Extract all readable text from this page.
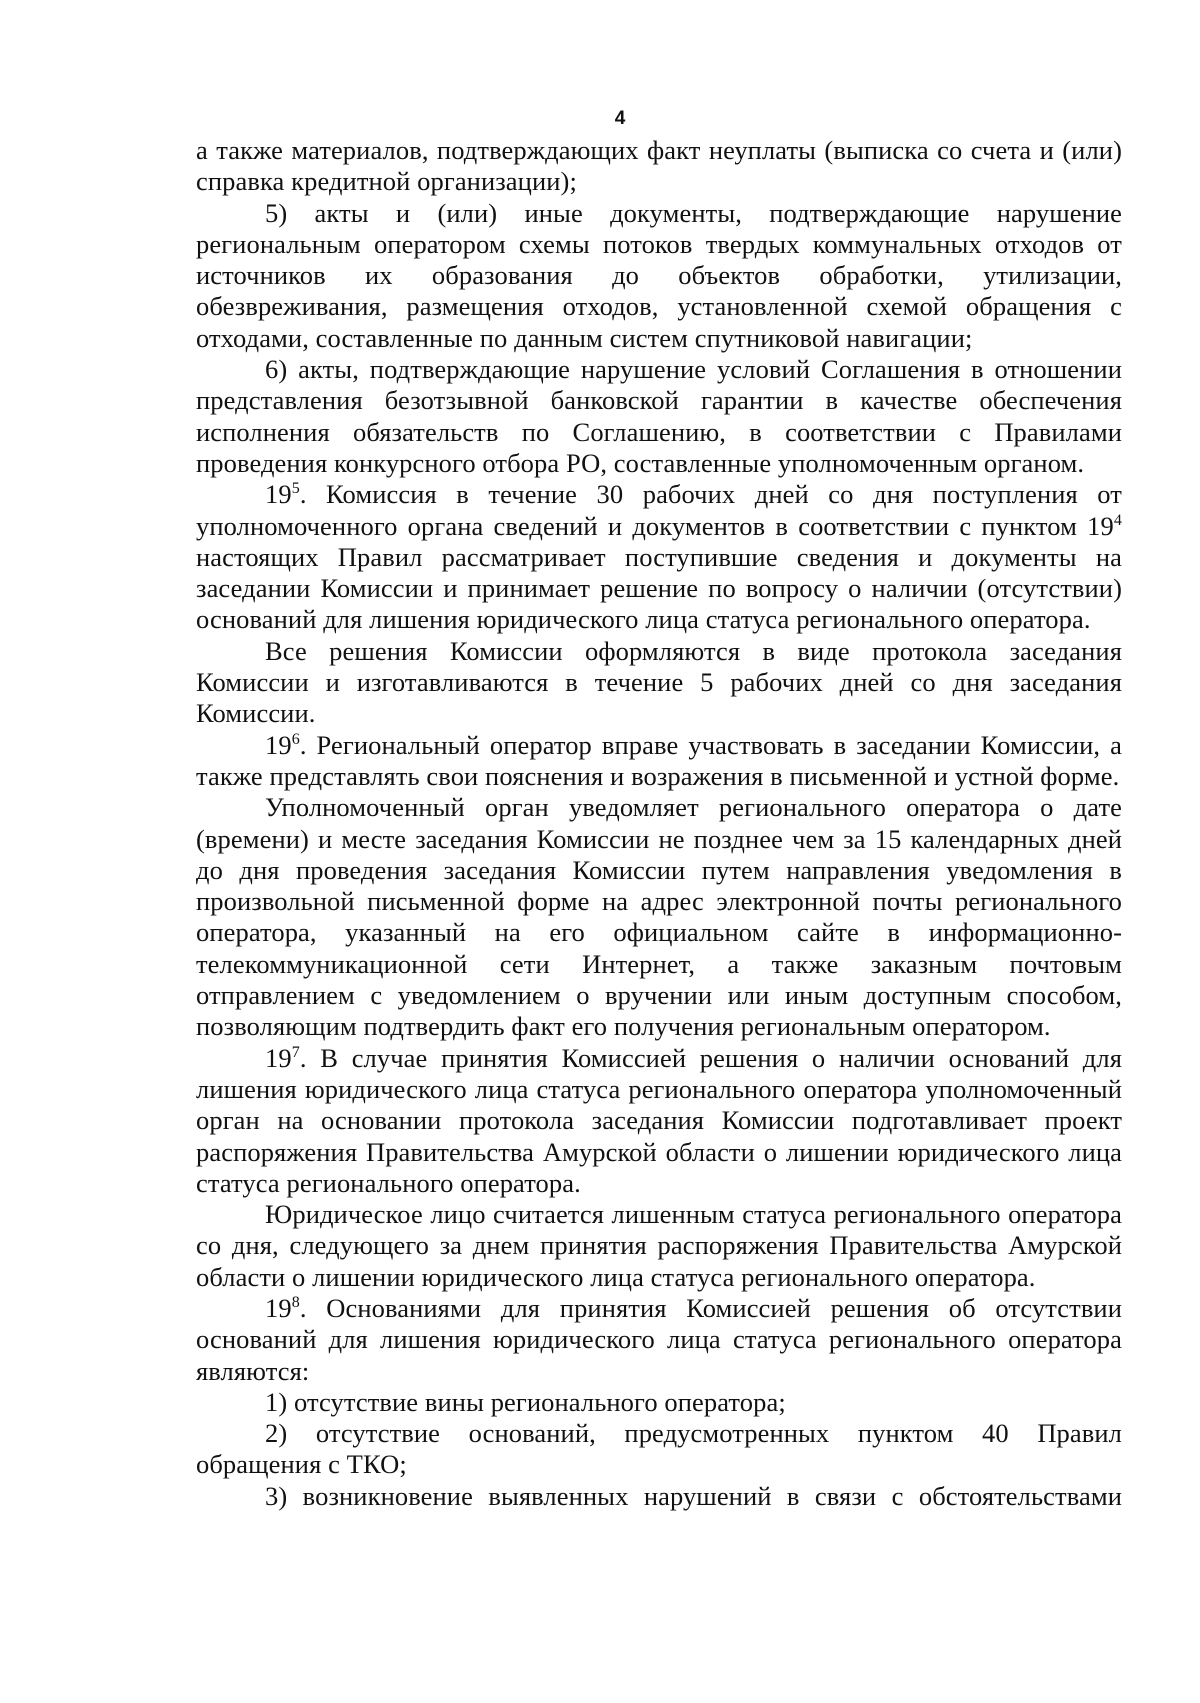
4

а также материалов, подтверждающих факт неуплаты (выписка со счета и (или) справка кредитной организации);

5) акты и (или) иные документы, подтверждающие нарушение региональным оператором схемы потоков твердых коммунальных отходов от источников их образования до объектов обработки, утилизации, обезвреживания, размещения отходов, установленной схемой обращения с отходами, составленные по данным систем спутниковой навигации;

6) акты, подтверждающие нарушение условий Соглашения в отношении представления безотзывной банковской гарантии в качестве обеспечения исполнения обязательств по Соглашению, в соответствии с Правилами проведения конкурсного отбора РО, составленные уполномоченным органом.

$19^5$. Комиссия в течение 30 рабочих дней со дня поступления от уполномоченного органа сведений и документов в соответствии с пунктом $19^4$ настоящих Правил рассматривает поступившие сведения и документы на заседании Комиссии и принимает решение по вопросу о наличии (отсутствии) оснований для лишения юридического лица статуса регионального оператора.

Все решения Комиссии оформляются в виде протокола заседания Комиссии и изготавливаются в течение 5 рабочих дней со дня заседания Комиссии.

$19^6$. Региональный оператор вправе участвовать в заседании Комиссии, а также представлять свои пояснения и возражения в письменной и устной форме.

Уполномоченный орган уведомляет регионального оператора о дате (времени) и месте заседания Комиссии не позднее чем за 15 календарных дней до дня проведения заседания Комиссии путем направления уведомления в произвольной письменной форме на адрес электронной почты регионального оператора, указанный на его официальном сайте в информационно-телекоммуникационной сети Интернет, а также заказным почтовым отправлением с уведомлением о вручении или иным доступным способом, позволяющим подтвердить факт его получения региональным оператором.

$19^7$. В случае принятия Комиссией решения о наличии оснований для лишения юридического лица статуса регионального оператора уполномоченный орган на основании протокола заседания Комиссии подготавливает проект распоряжения Правительства Амурской области о лишении юридического лица статуса регионального оператора.

Юридическое лицо считается лишенным статуса регионального оператора со дня, следующего за днем принятия распоряжения Правительства Амурской области о лишении юридического лица статуса регионального оператора.

$19^8$. Основаниями для принятия Комиссией решения об отсутствии оснований для лишения юридического лица статуса регионального оператора являются:

1) отсутствие вины регионального оператора;

2) отсутствие оснований, предусмотренных пунктом 40 Правил обращения с ТКО;

3) возникновение выявленных нарушений в связи с обстоятельствами
